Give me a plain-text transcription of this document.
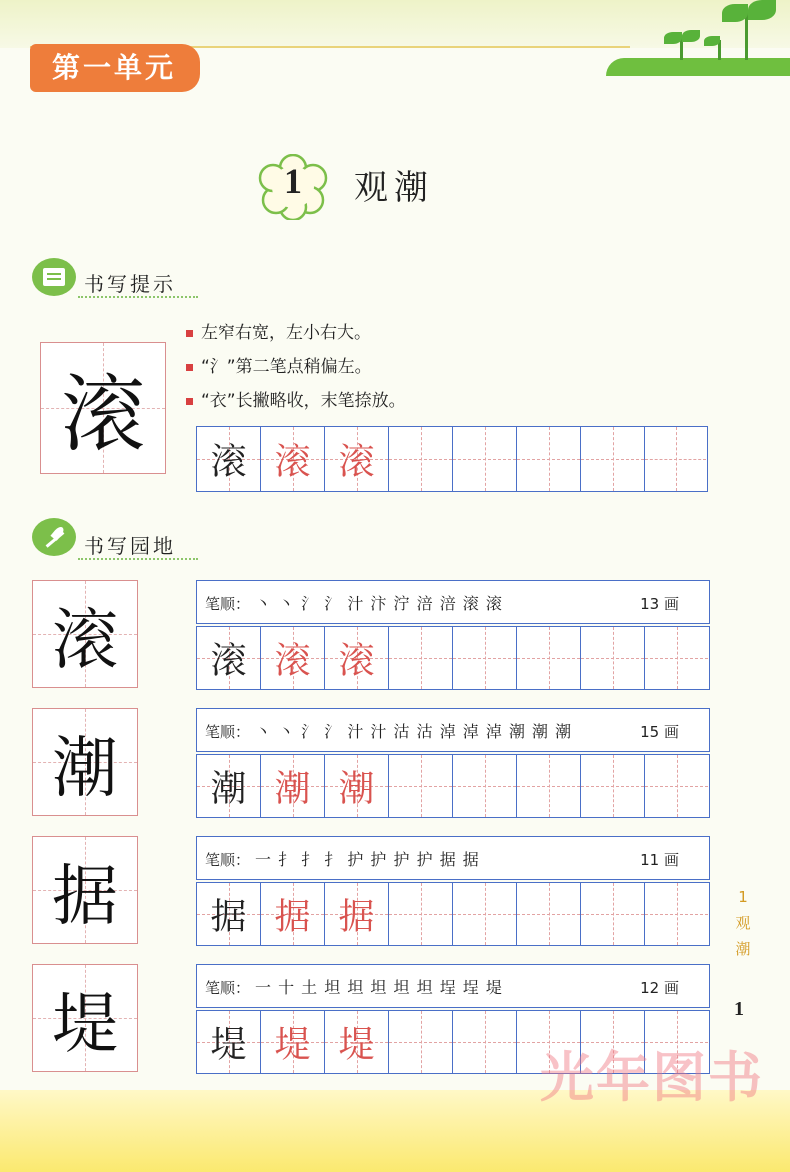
第一单元
1	观潮
书写提示
滚
左窄右宽，左小右大。
“氵”第二笔点稍偏左。
“衣”长撇略收，末笔捺放。
滚 滚 滚
书写园地
滚	笔顺： 丶 丶 氵 氵 汁 汴 泞 涪 涪 滚 滚	13 画
滚 滚 滚
潮	笔顺： 丶 丶 氵 氵 汁 汁 沽 沽 淖 淖 淖 潮 潮 潮	15 画
潮 潮 潮
据	笔顺： 一 扌 扌 扌 护 护 护 护 据 据	11 画
据 据 据
堤	笔顺： 一 十 土 坦 坦 坦 坦 坦 埕 埕 堤	12 画
堤 堤 堤
1
观
潮
1
光年图书
